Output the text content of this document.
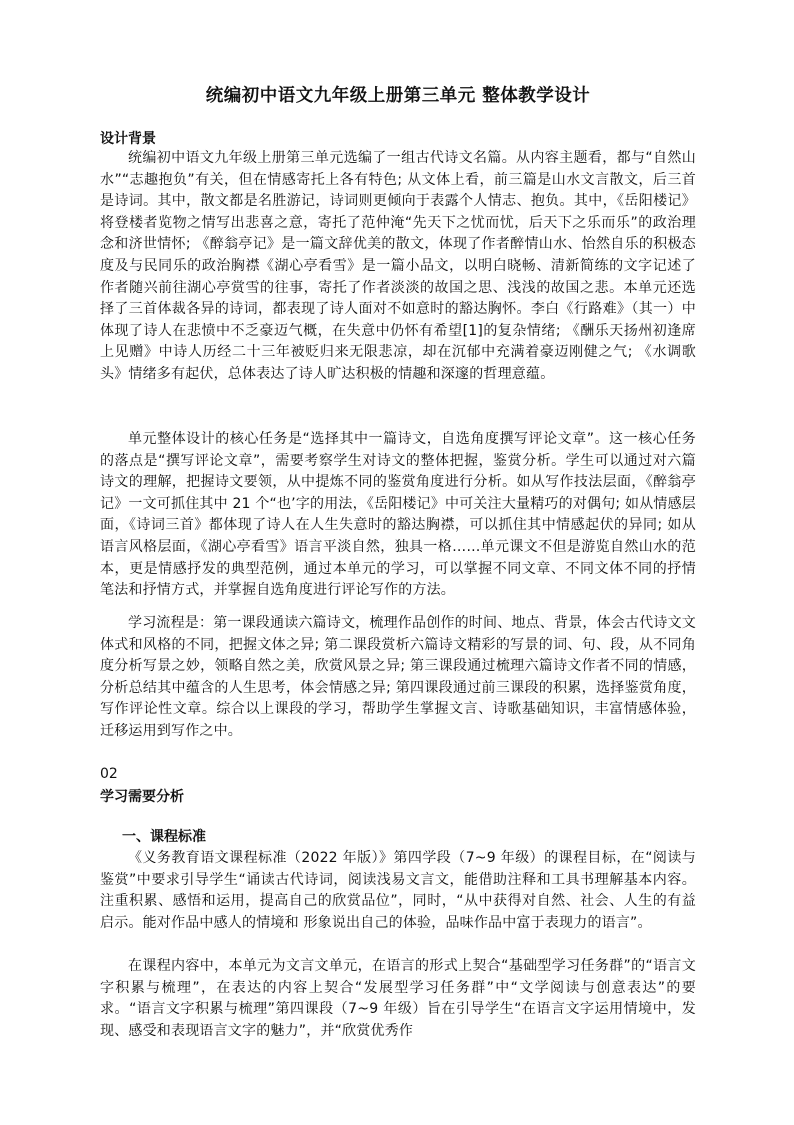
统编初中语文九年级上册第三单元 整体教学设计
设计背景

统编初中语文九年级上册第三单元选编了一组古代诗文名篇。从内容主题看，都与“自然山水”“志趣抱负”有关，但在情感寄托上各有特色; 从文体上看，前三篇是山水文言散文，后三首是诗词。其中，散文都是名胜游记，诗词则更倾向于表露个人情志、抱负。其中，《岳阳楼记》将登楼者览物之情写出悲喜之意，寄托了范仲淹“先天下之忧而忧，后天下之乐而乐”的政治理念和济世情怀; 《醉翁亭记》是一篇文辞优美的散文，体现了作者醉情山水、怡然自乐的积极态度及与民同乐的政治胸襟《湖心亭看雪》是一篇小品文，以明白晓畅、清新简练的文字记述了作者随兴前往湖心亭赏雪的往事，寄托了作者淡淡的故国之思、浅浅的故国之悲。本单元还选择了三首体裁各异的诗词，都表现了诗人面对不如意时的豁达胸怀。李白《行路难》（其一）中体现了诗人在悲愤中不乏豪迈气概，在失意中仍怀有希望[1]的复杂情绪; 《酬乐天扬州初逢席上见赠》中诗人历经二十三年被贬归来无限悲凉，却在沉郁中充满着豪迈刚健之气; 《水调歌头》情绪多有起伏，总体表达了诗人旷达积极的情趣和深邃的哲理意蕴。

单元整体设计的核心任务是“选择其中一篇诗文，自选角度撰写评论文章”。这一核心任务的落点是“撰写评论文章”，需要考察学生对诗文的整体把握，鉴赏分析。学生可以通过对六篇诗文的理解，把握诗文要领，从中提炼不同的鉴赏角度进行分析。如从写作技法层面，《醉翁亭记》一文可抓住其中 21 个“也’字的用法，《岳阳楼记》中可关注大量精巧的对偶句; 如从情感层面，《诗词三首》都体现了诗人在人生失意时的豁达胸襟，可以抓住其中情感起伏的异同; 如从语言风格层面，《湖心亭看雪》语言平淡自然，独具一格……单元课文不但是游览自然山水的范本，更是情感抒发的典型范例，通过本单元的学习，可以掌握不同文章、不同文体不同的抒情笔法和抒情方式，并掌握自选角度进行评论写作的方法。

学习流程是：第一课段通读六篇诗文，梳理作品创作的时间、地点、背景，体会古代诗文文体式和风格的不同，把握文体之异; 第二课段赏析六篇诗文精彩的写景的词、句、段，从不同角度分析写景之妙，领略自然之美，欣赏风景之异; 第三课段通过梳理六篇诗文作者不同的情感，分析总结其中蕴含的人生思考，体会情感之异; 第四课段通过前三课段的积累，选择鉴赏角度，写作评论性文章。综合以上课段的学习，帮助学生掌握文言、诗歌基础知识，丰富情感体验，迁移运用到写作之中。

02
学习需要分析
一、课程标准

《义务教育语文课程标准（2022 年版）》第四学段（7~9 年级）的课程目标，在“阅读与鉴赏”中要求引导学生“诵读古代诗词，阅读浅易文言文，能借助注释和工具书理解基本内容。注重积累、感悟和运用，提高自己的欣赏品位”，同时，“从中获得对自然、社会、人生的有益启示。能对作品中感人的情境和 形象说出自己的体验，品味作品中富于表现力的语言”。

在课程内容中，本单元为文言文单元，在语言的形式上契合“基础型学习任务群”的“语言文字积累与梳理”，在表达的内容上契合“发展型学习任务群”中“文学阅读与创意表达”的要求。“语言文字积累与梳理”第四课段（7~9 年级）旨在引导学生“在语言文字运用情境中，发现、感受和表现语言文字的魅力”，并“欣赏优秀作
